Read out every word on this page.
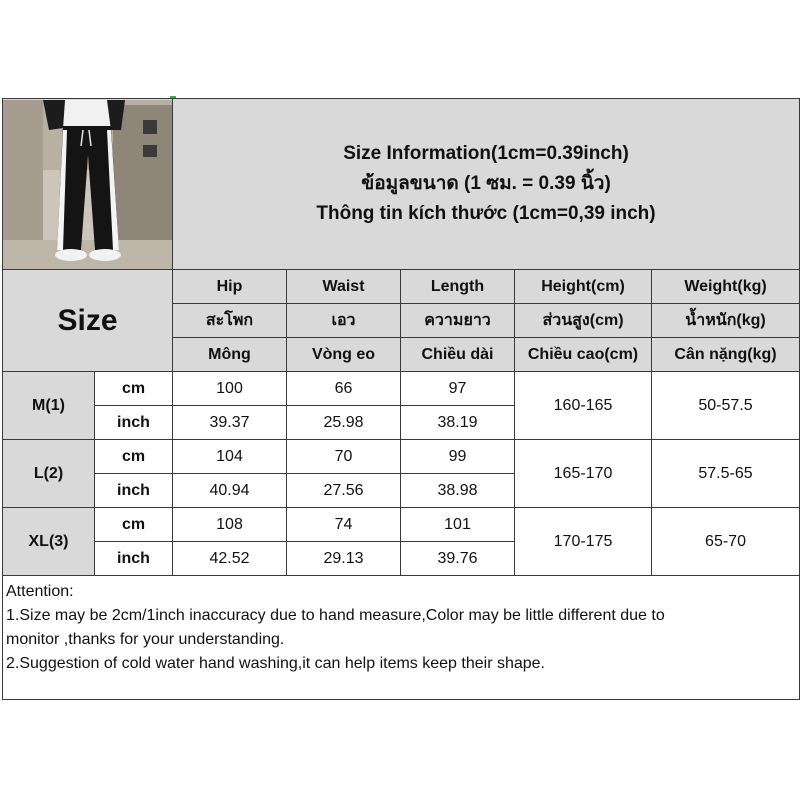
Size Information(1cm=0.39inch)
ข้อมูลขนาด (1 ซม. = 0.39 นิ้ว)
Thông tin kích thước (1cm=0,39 inch)				

Size		Hip	Waist	Length	Height(cm)	Weight(kg)
		สะโพก	เอว	ความยาว	ส่วนสูง(cm)	น้ำหนัก(kg)
		Mông	Vòng eo	Chiều dài	Chiều cao(cm)	Cân nặng(kg)
M(1)	cm	100	66	97	160-165	50-57.5
	inch	39.37	25.98	38.19		
L(2)	cm	104	70	99	165-170	57.5-65
	inch	40.94	27.56	38.98		
XL(3)	cm	108	74	101	170-175	65-70
	inch	42.52	29.13	39.76		

Attention:
1.Size may be 2cm/1inch inaccuracy due to hand measure,Color may be little different due to
monitor ,thanks for your understanding.
2.Suggestion of cold water hand washing,it can help items keep their shape.						
